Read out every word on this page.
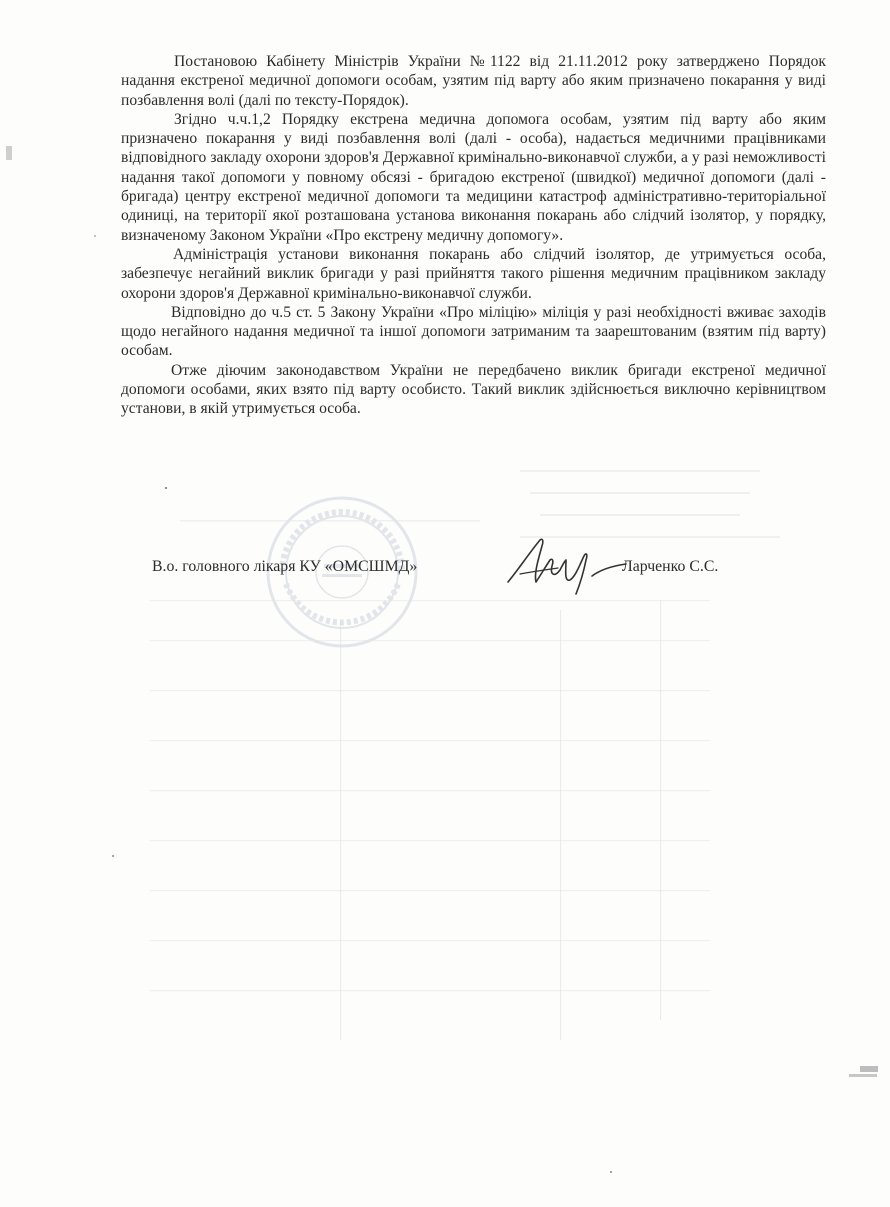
Постановою Кабінету Міністрів України №1122 від 21.11.2012 року затверджено Порядок надання екстреної медичної допомоги особам, узятим під варту або яким призначено покарання у виді позбавлення волі (далі по тексту-Порядок).

Згідно ч.ч.1,2 Порядку екстрена медична допомога особам, узятим під варту або яким призначено покарання у виді позбавлення волі (далі - особа), надається медичними працівниками відповідного закладу охорони здоров'я Державної кримінально-виконавчої служби, а у разі неможливості надання такої допомоги у повному обсязі - бригадою екстреної (швидкої) медичної допомоги (далі - бригада) центру екстреної медичної допомоги та медицини катастроф адміністративно-територіальної одиниці, на території якої розташована установа виконання покарань або слідчий ізолятор, у порядку, визначеному Законом України «Про екстрену медичну допомогу».

Адміністрація установи виконання покарань або слідчий ізолятор, де утримується особа, забезпечує негайний виклик бригади у разі прийняття такого рішення медичним працівником закладу охорони здоров'я Державної кримінально-виконавчої служби.

Відповідно до ч.5 ст. 5 Закону України «Про міліцію» міліція у разі необхідності вживає заходів щодо негайного надання медичної та іншої допомоги затриманим та заарештованим (взятим під варту) особам.

Отже діючим законодавством України не передбачено виклик бригади екстреної медичної допомоги особами, яких взято під варту особисто. Такий виклик здійснюється виключно керівництвом установи, в якій утримується особа.

В.о. головного лікаря КУ «ОМСШМД»	Ларченко С.С.
